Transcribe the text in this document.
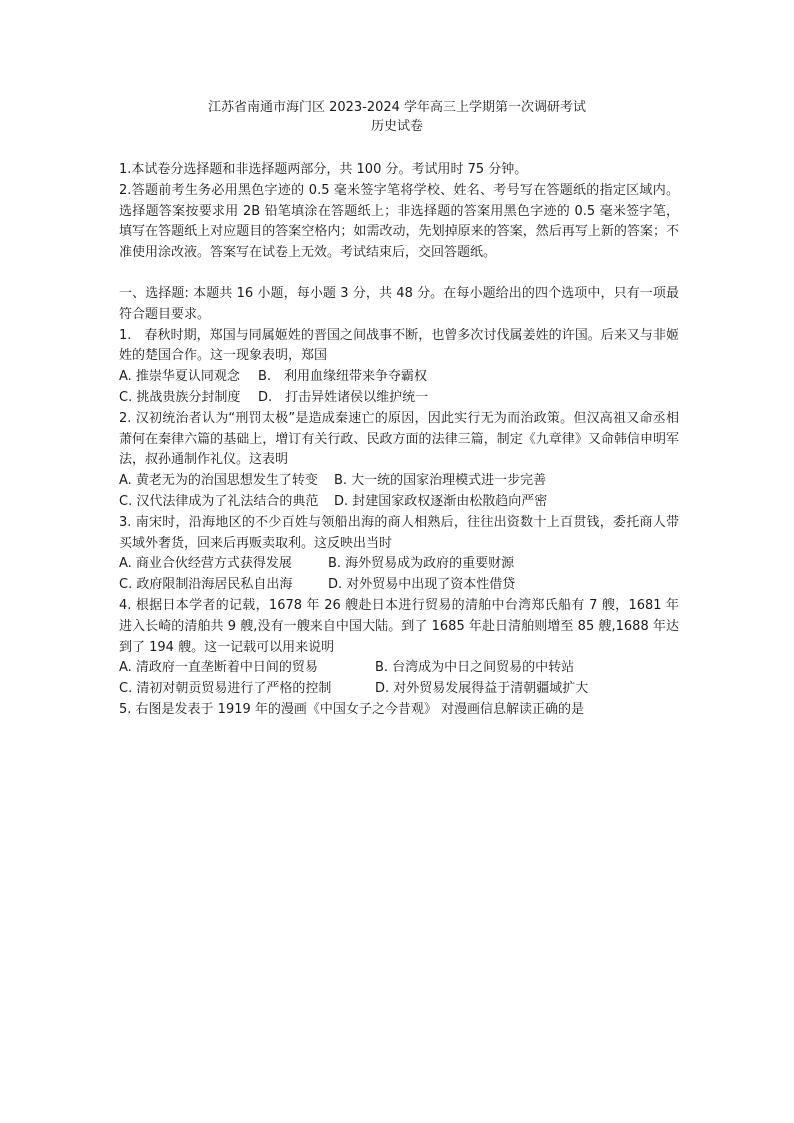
江苏省南通市海门区 2023-2024 学年高三上学期第一次调研考试
历史试卷

1.本试卷分选择题和非选择题两部分，共 100 分。考试用时 75 分钟。

2.答题前考生务必用黑色字迹的 0.5 毫米签字笔将学校、姓名、考号写在答题纸的指定区域内。选择题答案按要求用 2B 铅笔填涂在答题纸上；非选择题的答案用黑色字迹的 0.5 毫米签字笔，填写在答题纸上对应题目的答案空格内；如需改动，先划掉原来的答案，然后再写上新的答案；不准使用涂改液。答案写在试卷上无效。考试结束后，交回答题纸。

一、选择题: 本题共 16 小题，每小题 3 分，共 48 分。在每小题给出的四个选项中，只有一项最符合题目要求。

1.　春秋时期，郑国与同属姬姓的晋国之间战事不断，也曾多次讨伐属姜姓的许国。后来又与非姬姓的楚国合作。这一现象表明，郑国

A. 推崇华夏认同观念	B.　利用血缘纽带来争夺霸权
C. 挑战贵族分封制度	D.　打击异姓诸侯以维护统一

2. 汉初统治者认为“刑罚太极”是造成秦速亡的原因，因此实行无为而治政策。但汉高祖又命丞相萧何在秦律六篇的基础上，增订有关行政、民政方面的法律三篇，制定《九章律》又命韩信申明军法，叔孙通制作礼仪。这表明

A. 黄老无为的治国思想发生了转变	B. 大一统的国家治理模式进一步完善
C. 汉代法律成为了礼法结合的典范	D. 封建国家政权逐渐由松散趋向严密

3. 南宋时，沿海地区的不少百姓与领船出海的商人相熟后，往往出资数十上百贯钱，委托商人带买域外奢货，回来后再贩卖取利。这反映出当时

A. 商业合伙经营方式获得发展	B. 海外贸易成为政府的重要财源
C. 政府限制沿海居民私自出海	D. 对外贸易中出现了资本性借贷

4. 根据日本学者的记载，1678 年 26 艘赴日本进行贸易的清舶中台湾郑氏船有 7 艘，1681 年进入长崎的清舶共 9 艘,没有一艘来自中国大陆。到了 1685 年赴日清舶则增至 85 艘,1688 年达到了 194 艘。这一记载可以用来说明

A. 清政府一直垄断着中日间的贸易	B. 台湾成为中日之间贸易的中转站
C. 清初对朝贡贸易进行了严格的控制	D. 对外贸易发展得益于清朝疆域扩大

5. 右图是发表于 1919 年的漫画《中国女子之今昔观》 对漫画信息解读正确的是
